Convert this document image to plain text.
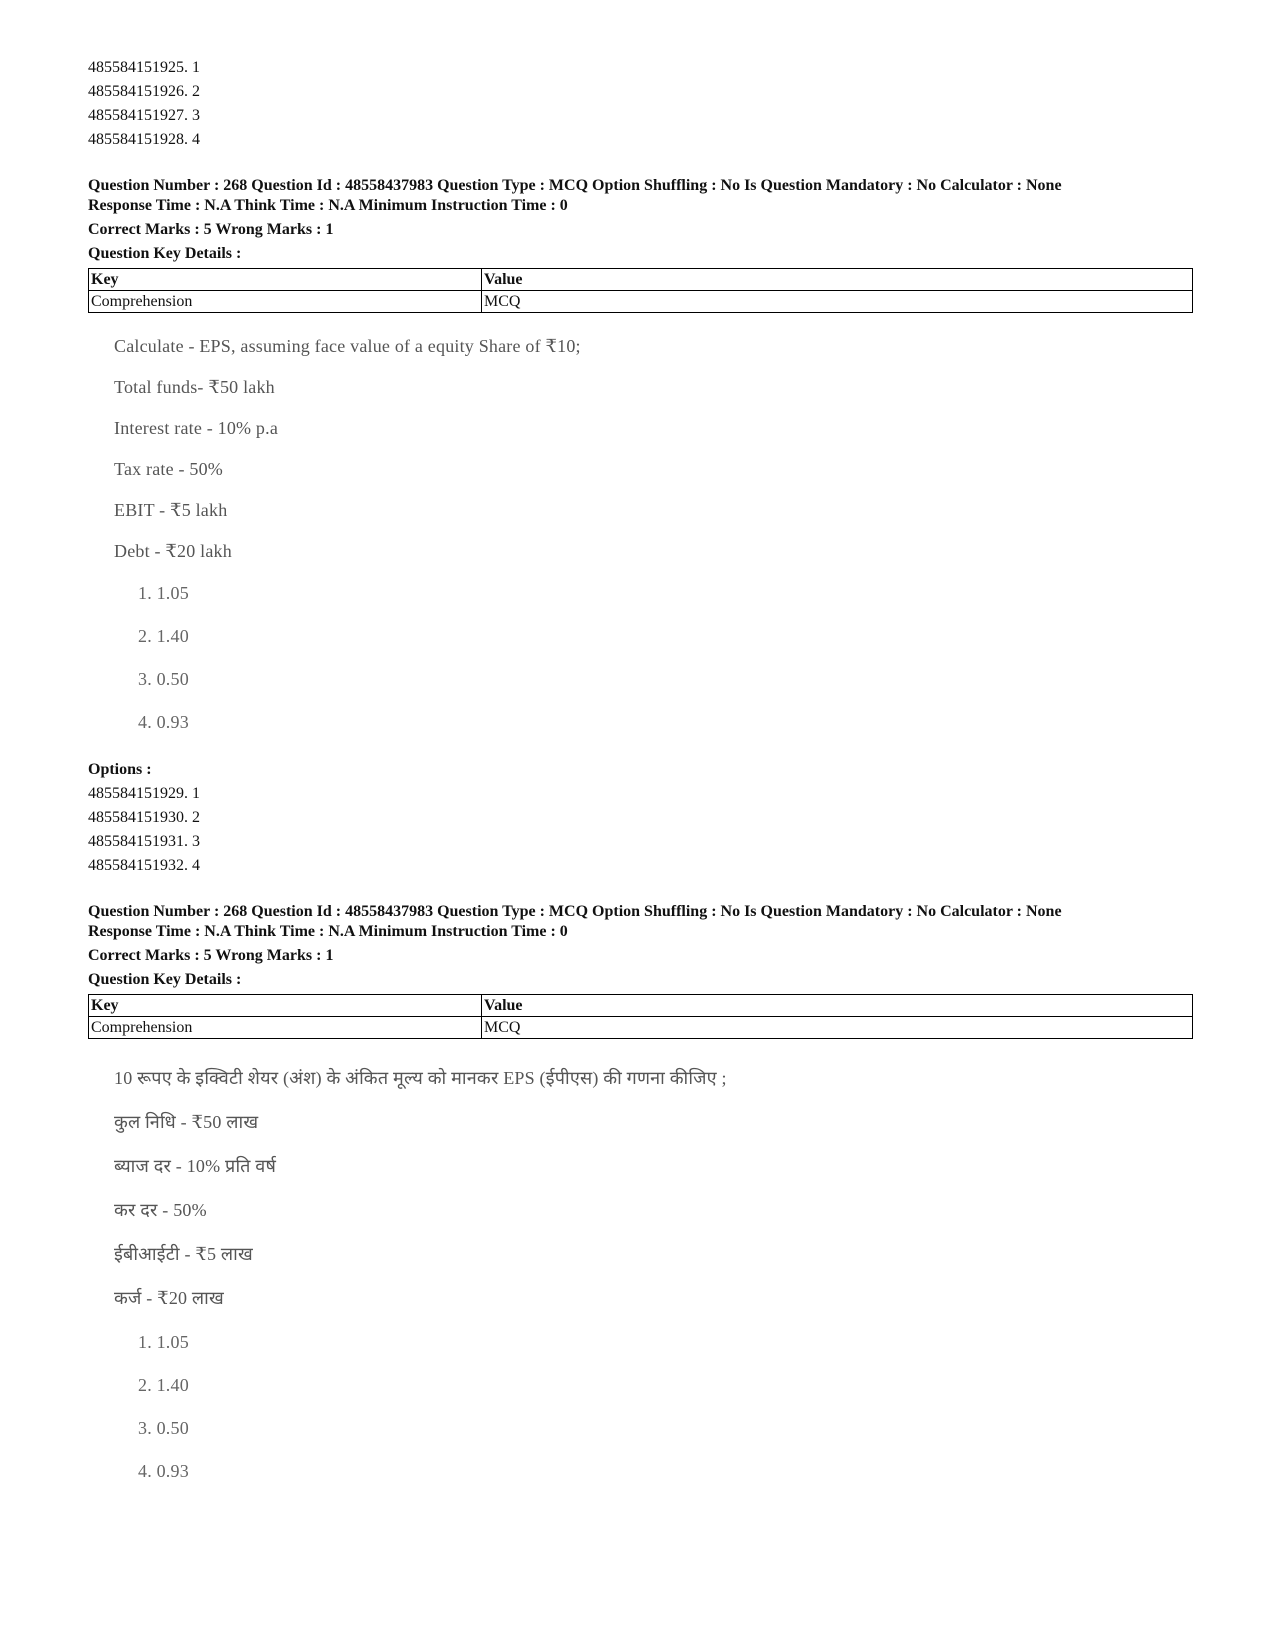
485584151925. 1
485584151926. 2
485584151927. 3
485584151928. 4
Question Number : 268 Question Id : 48558437983 Question Type : MCQ Option Shuffling : No Is Question Mandatory : No Calculator : None
Response Time : N.A Think Time : N.A Minimum Instruction Time : 0
Correct Marks : 5 Wrong Marks : 1
Question Key Details :
Key	Value
Comprehension	MCQ
Calculate - EPS, assuming face value of a equity Share of ₹10;
Total funds- ₹50 lakh
Interest rate - 10% p.a
Tax rate - 50%
EBIT - ₹5 lakh
Debt - ₹20 lakh
1. 1.05
2. 1.40
3. 0.50
4. 0.93
Options :
485584151929. 1
485584151930. 2
485584151931. 3
485584151932. 4
Question Number : 268 Question Id : 48558437983 Question Type : MCQ Option Shuffling : No Is Question Mandatory : No Calculator : None
Response Time : N.A Think Time : N.A Minimum Instruction Time : 0
Correct Marks : 5 Wrong Marks : 1
Question Key Details :
Key	Value
Comprehension	MCQ
10 रूपए के इक्विटी शेयर (अंश) के अंकित मूल्य को मानकर EPS (ईपीएस) की गणना कीजिए ;
कुल निधि - ₹50 लाख
ब्याज दर - 10% प्रति वर्ष
कर दर - 50%
ईबीआईटी - ₹5 लाख
कर्ज - ₹20 लाख
1. 1.05
2. 1.40
3. 0.50
4. 0.93
